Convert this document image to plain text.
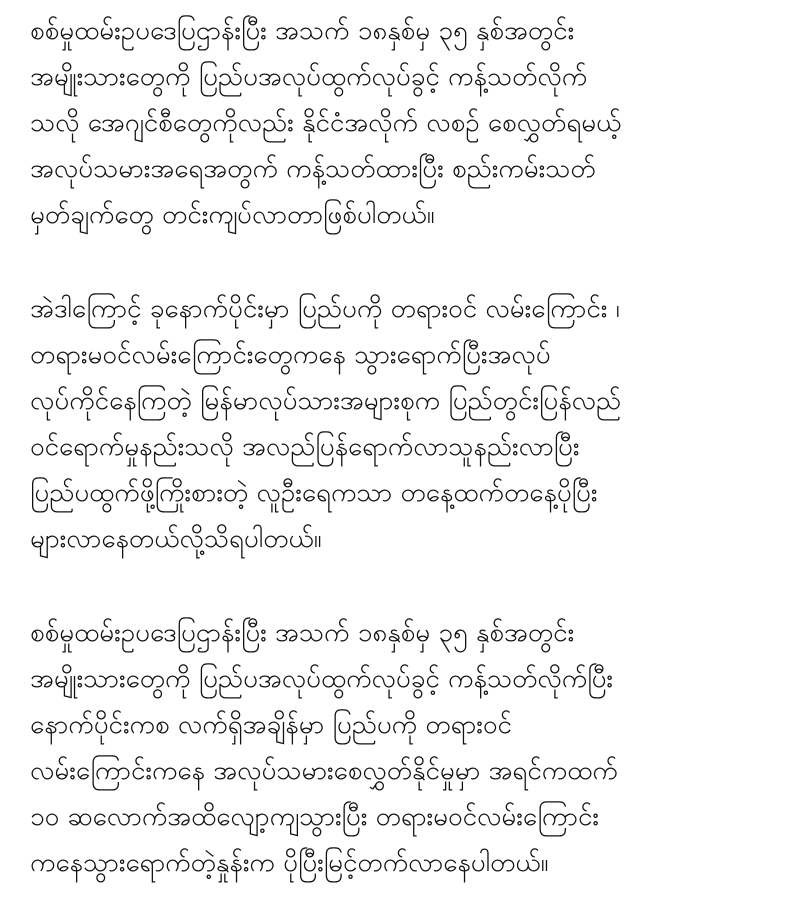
စစ်မှုထမ်းဥပဒေပြဌာန်းပြီး အသက် ၁၈နှစ်မှ ၃၅ နှစ်အတွင်း
အမျိုးသားတွေကို ပြည်ပအလုပ်ထွက်လုပ်ခွင့် ကန့်သတ်လိုက်
သလို အေဂျင်စီတွေကိုလည်း နိုင်ငံအလိုက် လစဥ် စေလွှတ်ရမယ့်
အလုပ်သမားအရေအတွက် ကန့်သတ်ထားပြီး စည်းကမ်းသတ်
မှတ်ချက်တွေ တင်းကျပ်လာတာဖြစ်ပါတယ်။
အဲဒါကြောင့် ခုနောက်ပိုင်းမှာ ပြည်ပကို တရားဝင် လမ်းကြောင်း ၊
တရားမဝင်လမ်းကြောင်းတွေကနေ သွားရောက်ပြီးအလုပ်
လုပ်ကိုင်နေကြတဲ့ မြန်မာလုပ်သားအများစုက ပြည်တွင်းပြန်လည်
ဝင်ရောက်မှုနည်းသလို အလည်ပြန်ရောက်လာသူနည်းလာပြီး
ပြည်ပထွက်ဖို့ကြိုးစားတဲ့ လူဦးရေကသာ တနေ့ထက်တနေ့ပိုပြီး
များလာနေတယ်လို့သိရပါတယ်။
စစ်မှုထမ်းဥပဒေပြဌာန်းပြီး အသက် ၁၈နှစ်မှ ၃၅ နှစ်အတွင်း
အမျိုးသားတွေကို ပြည်ပအလုပ်ထွက်လုပ်ခွင့် ကန့်သတ်လိုက်ပြီး
နောက်ပိုင်းကစ လက်ရှိအချိန်မှာ ပြည်ပကို တရားဝင်
လမ်းကြောင်းကနေ အလုပ်သမားစေလွှတ်နိုင်မှုမှာ အရင်ကထက်
၁၀ ဆလောက်အထိလျော့ကျသွားပြီး တရားမဝင်လမ်းကြောင်း
ကနေသွားရောက်တဲ့နှုန်းက ပိုပြီးမြင့်တက်လာနေပါတယ်။
